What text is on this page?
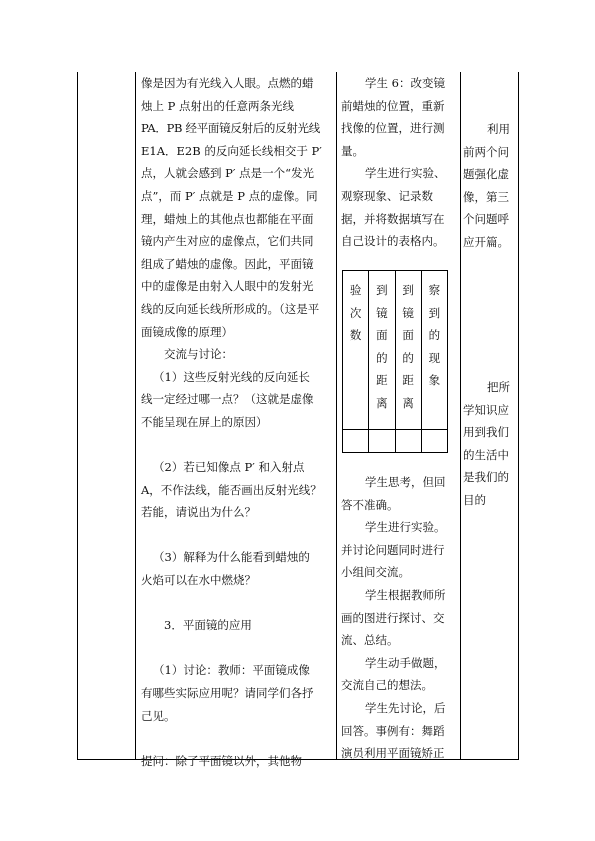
像是因为有光线入人眼。点燃的蜡

烛上 P 点射出的任意两条光线

PA．PB 经平面镜反射后的反射光线

E1A．E2B 的反向延长线相交于 P′

点，人就会感到 P′ 点是一个“发光

点”，而 P′ 点就是 P 点的虚像。同

理，蜡烛上的其他点也都能在平面

镜内产生对应的虚像点，它们共同

组成了蜡烛的虚像。因此，平面镜

中的虚像是由射入人眼中的发射光

线的反向延长线所形成的。（这是平

面镜成像的原理）

交流与讨论：

（1）这些反射光线的反向延长

线一定经过哪一点？（这就是虚像

不能呈现在屏上的原因）

（2）若已知像点 P′ 和入射点

A，不作法线，能否画出反射光线？

若能，请说出为什么？

（3）解释为什么能看到蜡烛的

火焰可以在水中燃烧？

3．平面镜的应用

（1）讨论：教师：平面镜成像

有哪些实际应用呢？请同学们各抒

己见。

提问：除了平面镜以外，其他物

学生 6：改变镜

前蜡烛的位置，重新

找像的位置，进行测

量。

学生进行实验、

观察现象、记录数

据，并将数据填写在

自己设计的表格内。

验次数	到镜面的距离	到镜面的距离	察到的现象

学生思考，但回

答不准确。

学生进行实验。

并讨论问题同时进行

小组间交流。

学生根据教师所

画的图进行探讨、交

流、总结。

学生动手做题，

交流自己的想法。

学生先讨论，后

回答。事例有：舞蹈

演员利用平面镜矫正

利用

前两个问

题强化虚

像，第三

个问题呼

应开篇。

把所

学知识应

用到我们

的生活中

是我们的

目的
